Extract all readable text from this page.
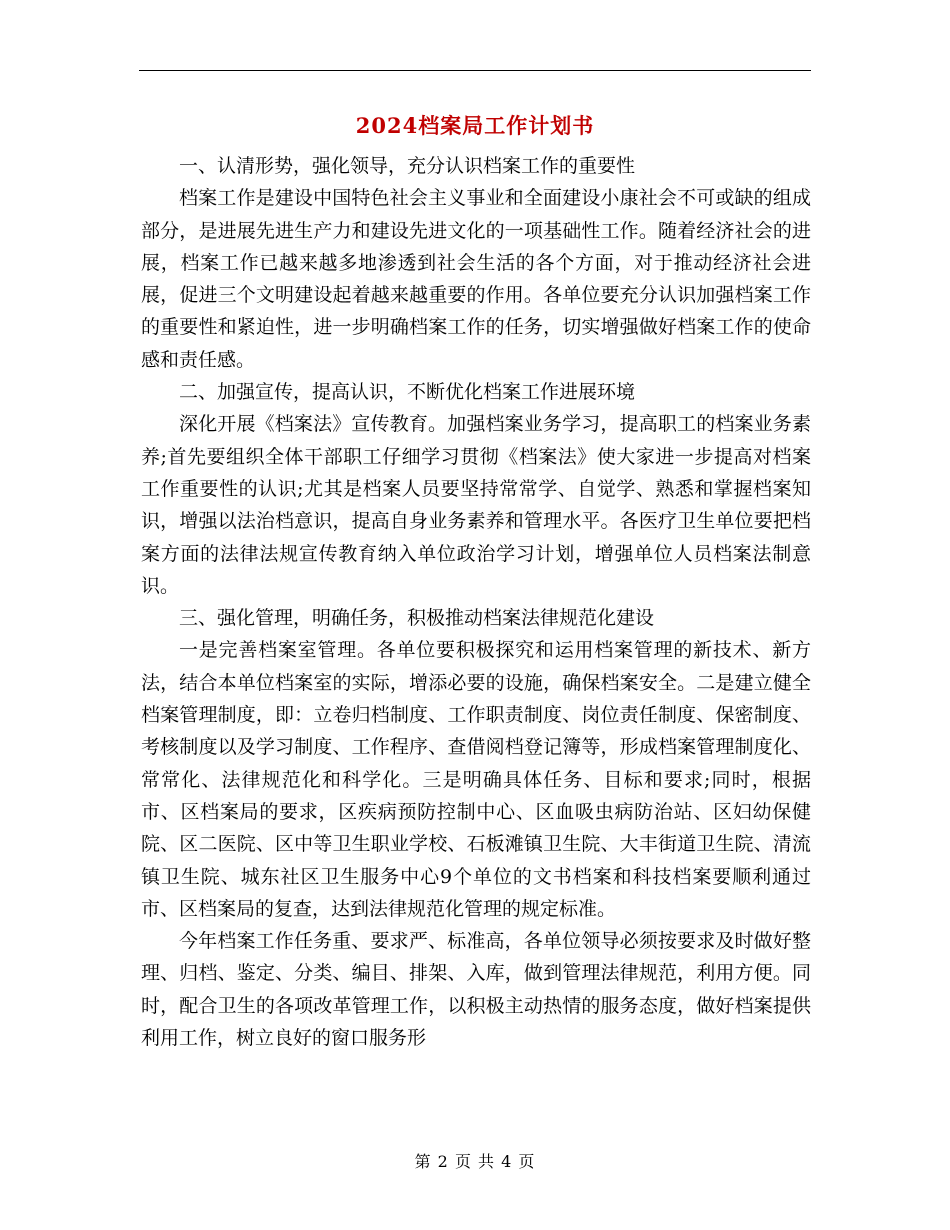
2024档案局工作计划书

一、认清形势，强化领导，充分认识档案工作的重要性

档案工作是建设中国特色社会主义事业和全面建设小康社会不可或缺的组成部分，是进展先进生产力和建设先进文化的一项基础性工作。随着经济社会的进展，档案工作已越来越多地渗透到社会生活的各个方面，对于推动经济社会进展，促进三个文明建设起着越来越重要的作用。各单位要充分认识加强档案工作的重要性和紧迫性，进一步明确档案工作的任务，切实增强做好档案工作的使命感和责任感。

二、加强宣传，提高认识，不断优化档案工作进展环境

深化开展《档案法》宣传教育。加强档案业务学习，提高职工的档案业务素养;首先要组织全体干部职工仔细学习贯彻《档案法》使大家进一步提高对档案工作重要性的认识;尤其是档案人员要坚持常常学、自觉学、熟悉和掌握档案知识，增强以法治档意识，提高自身业务素养和管理水平。各医疗卫生单位要把档案方面的法律法规宣传教育纳入单位政治学习计划，增强单位人员档案法制意识。

三、强化管理，明确任务，积极推动档案法律规范化建设

一是完善档案室管理。各单位要积极探究和运用档案管理的新技术、新方法，结合本单位档案室的实际，增添必要的设施，确保档案安全。二是建立健全档案管理制度，即：立卷归档制度、工作职责制度、岗位责任制度、保密制度、考核制度以及学习制度、工作程序、查借阅档登记簿等，形成档案管理制度化、常常化、法律规范化和科学化。三是明确具体任务、目标和要求;同时，根据市、区档案局的要求，区疾病预防控制中心、区血吸虫病防治站、区妇幼保健院、区二医院、区中等卫生职业学校、石板滩镇卫生院、大丰街道卫生院、清流镇卫生院、城东社区卫生服务中心9个单位的文书档案和科技档案要顺利通过市、区档案局的复查，达到法律规范化管理的规定标准。

今年档案工作任务重、要求严、标准高，各单位领导必须按要求及时做好整理、归档、鉴定、分类、编目、排架、入库，做到管理法律规范，利用方便。同时，配合卫生的各项改革管理工作，以积极主动热情的服务态度，做好档案提供利用工作，树立良好的窗口服务形

第 2 页 共 4 页
